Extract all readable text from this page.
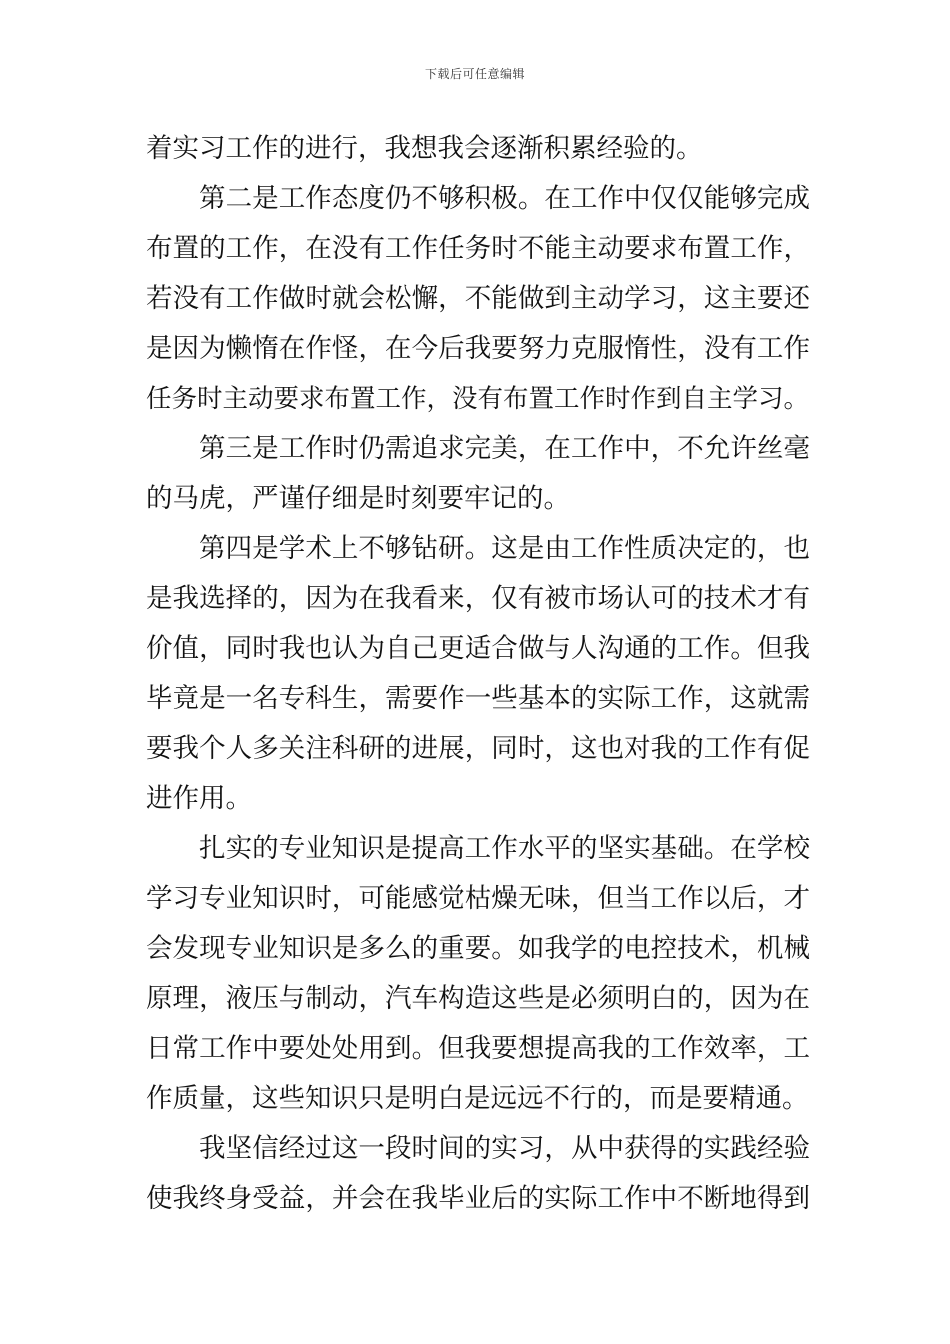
下载后可任意编辑
着实习工作的进行，我想我会逐渐积累经验的。
第二是工作态度仍不够积极。在工作中仅仅能够完成
布置的工作，在没有工作任务时不能主动要求布置工作，
若没有工作做时就会松懈，不能做到主动学习，这主要还
是因为懒惰在作怪，在今后我要努力克服惰性，没有工作
任务时主动要求布置工作，没有布置工作时作到自主学习。
第三是工作时仍需追求完美，在工作中，不允许丝毫
的马虎，严谨仔细是时刻要牢记的。
第四是学术上不够钻研。这是由工作性质决定的，也
是我选择的，因为在我看来，仅有被市场认可的技术才有
价值，同时我也认为自己更适合做与人沟通的工作。但我
毕竟是一名专科生，需要作一些基本的实际工作，这就需
要我个人多关注科研的进展，同时，这也对我的工作有促
进作用。
扎实的专业知识是提高工作水平的坚实基础。在学校
学习专业知识时，可能感觉枯燥无味，但当工作以后，才
会发现专业知识是多么的重要。如我学的电控技术，机械
原理，液压与制动，汽车构造这些是必须明白的，因为在
日常工作中要处处用到。但我要想提高我的工作效率，工
作质量，这些知识只是明白是远远不行的，而是要精通。
我坚信经过这一段时间的实习，从中获得的实践经验
使我终身受益，并会在我毕业后的实际工作中不断地得到
